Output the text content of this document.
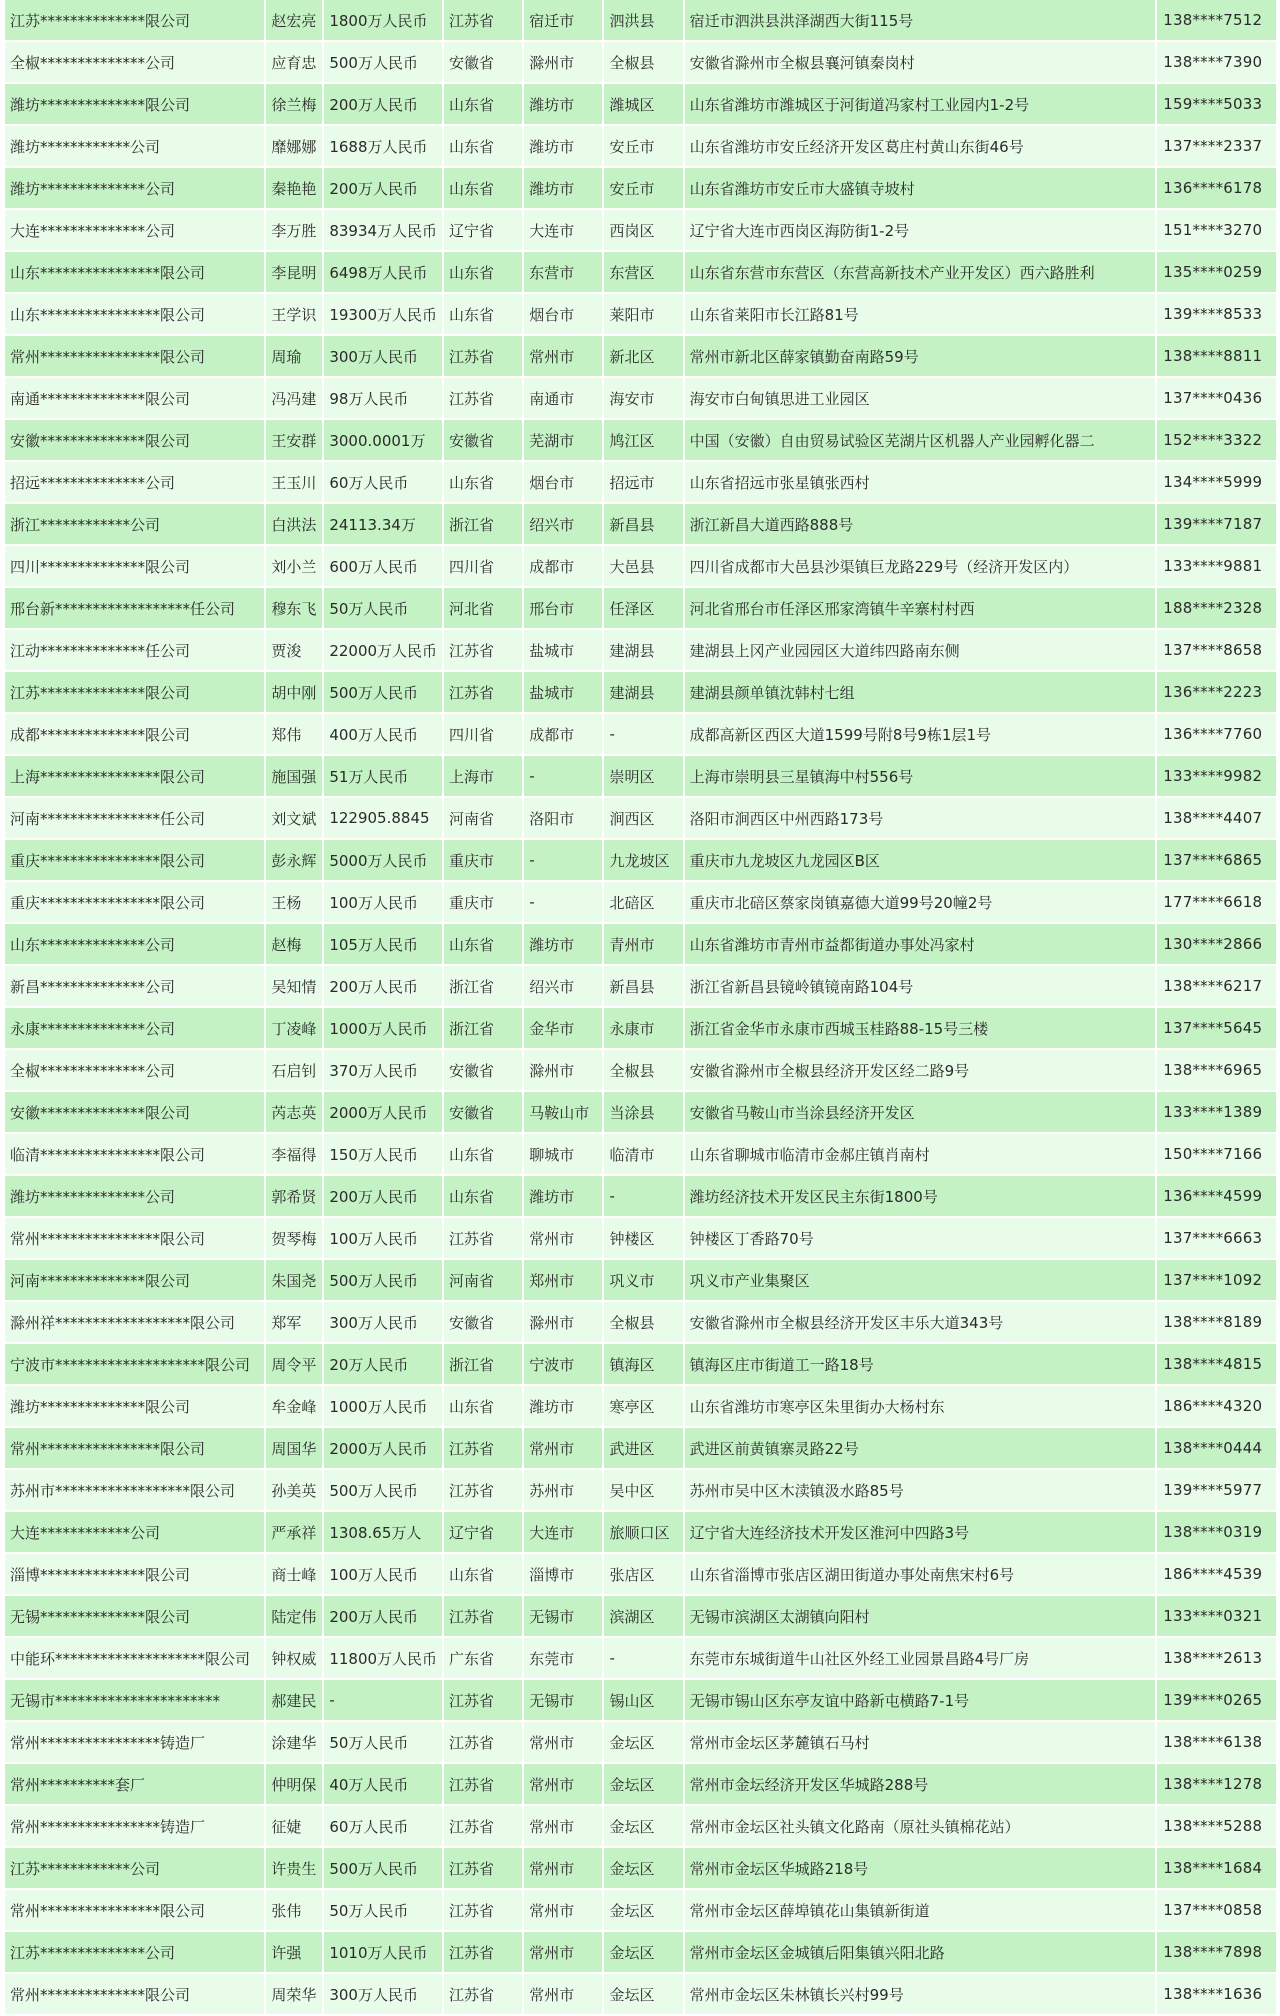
江苏**************限公司	赵宏亮	1800万人民币	江苏省	宿迁市	泗洪县	宿迁市泗洪县洪泽湖西大街115号	138****7512
全椒**************公司	应育忠	500万人民币	安徽省	滁州市	全椒县	安徽省滁州市全椒县襄河镇秦岗村	138****7390
潍坊**************限公司	徐兰梅	200万人民币	山东省	潍坊市	潍城区	山东省潍坊市潍城区于河街道冯家村工业园内1-2号	159****5033
潍坊************公司	靡娜娜	1688万人民币	山东省	潍坊市	安丘市	山东省潍坊市安丘经济开发区葛庄村黄山东街46号	137****2337
潍坊**************公司	秦艳艳	200万人民币	山东省	潍坊市	安丘市	山东省潍坊市安丘市大盛镇寺坡村	136****6178
大连**************公司	李万胜	83934万人民币	辽宁省	大连市	西岗区	辽宁省大连市西岗区海防街1-2号	151****3270
山东****************限公司	李昆明	6498万人民币	山东省	东营市	东营区	山东省东营市东营区（东营高新技术产业开发区）西六路胜利	135****0259
山东****************限公司	王学识	19300万人民币	山东省	烟台市	莱阳市	山东省莱阳市长江路81号	139****8533
常州****************限公司	周瑜	300万人民币	江苏省	常州市	新北区	常州市新北区薛家镇勤奋南路59号	138****8811
南通**************限公司	冯冯建	98万人民币	江苏省	南通市	海安市	海安市白甸镇思进工业园区	137****0436
安徽**************限公司	王安群	3000.0001万	安徽省	芜湖市	鸠江区	中国（安徽）自由贸易试验区芜湖片区机器人产业园孵化器二	152****3322
招远**************公司	王玉川	60万人民币	山东省	烟台市	招远市	山东省招远市张星镇张西村	134****5999
浙江************公司	白洪法	24113.34万	浙江省	绍兴市	新昌县	浙江新昌大道西路888号	139****7187
四川**************限公司	刘小兰	600万人民币	四川省	成都市	大邑县	四川省成都市大邑县沙渠镇巨龙路229号（经济开发区内）	133****9881
邢台新******************任公司	穆东飞	50万人民币	河北省	邢台市	任泽区	河北省邢台市任泽区邢家湾镇牛辛寨村村西	188****2328
江动**************任公司	贾浚	22000万人民币	江苏省	盐城市	建湖县	建湖县上冈产业园园区大道纬四路南东侧	137****8658
江苏**************限公司	胡中刚	500万人民币	江苏省	盐城市	建湖县	建湖县颜单镇沈韩村七组	136****2223
成都**************限公司	郑伟	400万人民币	四川省	成都市	-	成都高新区西区大道1599号附8号9栋1层1号	136****7760
上海****************限公司	施国强	51万人民币	上海市	-	崇明区	上海市崇明县三星镇海中村556号	133****9982
河南****************任公司	刘文斌	122905.8845	河南省	洛阳市	涧西区	洛阳市涧西区中州西路173号	138****4407
重庆****************限公司	彭永辉	5000万人民币	重庆市	-	九龙坡区	重庆市九龙坡区九龙园区B区	137****6865
重庆****************限公司	王杨	100万人民币	重庆市	-	北碚区	重庆市北碚区蔡家岗镇嘉德大道99号20幢2号	177****6618
山东**************公司	赵梅	105万人民币	山东省	潍坊市	青州市	山东省潍坊市青州市益都街道办事处冯家村	130****2866
新昌**************公司	吴知情	200万人民币	浙江省	绍兴市	新昌县	浙江省新昌县镜岭镇镜南路104号	138****6217
永康**************公司	丁凌峰	1000万人民币	浙江省	金华市	永康市	浙江省金华市永康市西城玉桂路88-15号三楼	137****5645
全椒**************公司	石启钊	370万人民币	安徽省	滁州市	全椒县	安徽省滁州市全椒县经济开发区经二路9号	138****6965
安徽**************限公司	芮志英	2000万人民币	安徽省	马鞍山市	当涂县	安徽省马鞍山市当涂县经济开发区	133****1389
临清****************限公司	李福得	150万人民币	山东省	聊城市	临清市	山东省聊城市临清市金郝庄镇肖南村	150****7166
潍坊**************公司	郭希贤	200万人民币	山东省	潍坊市	-	潍坊经济技术开发区民主东街1800号	136****4599
常州****************限公司	贺琴梅	100万人民币	江苏省	常州市	钟楼区	钟楼区丁香路70号	137****6663
河南**************限公司	朱国尧	500万人民币	河南省	郑州市	巩义市	巩义市产业集聚区	137****1092
滁州祥******************限公司	郑军	300万人民币	安徽省	滁州市	全椒县	安徽省滁州市全椒县经济开发区丰乐大道343号	138****8189
宁波市********************限公司	周令平	20万人民币	浙江省	宁波市	镇海区	镇海区庄市街道工一路18号	138****4815
潍坊**************限公司	牟金峰	1000万人民币	山东省	潍坊市	寒亭区	山东省潍坊市寒亭区朱里街办大杨村东	186****4320
常州****************限公司	周国华	2000万人民币	江苏省	常州市	武进区	武进区前黄镇寨灵路22号	138****0444
苏州市******************限公司	孙美英	500万人民币	江苏省	苏州市	吴中区	苏州市吴中区木渎镇汲水路85号	139****5977
大连************公司	严承祥	1308.65万人	辽宁省	大连市	旅顺口区	辽宁省大连经济技术开发区淮河中四路3号	138****0319
淄博**************限公司	商士峰	100万人民币	山东省	淄博市	张店区	山东省淄博市张店区湖田街道办事处南焦宋村6号	186****4539
无锡**************限公司	陆定伟	200万人民币	江苏省	无锡市	滨湖区	无锡市滨湖区太湖镇向阳村	133****0321
中能环********************限公司	钟权威	11800万人民币	广东省	东莞市	-	东莞市东城街道牛山社区外经工业园景昌路4号厂房	138****2613
无锡市**********************	郝建民	-	江苏省	无锡市	锡山区	无锡市锡山区东亭友谊中路新屯横路7-1号	139****0265
常州****************铸造厂	涂建华	50万人民币	江苏省	常州市	金坛区	常州市金坛区茅麓镇石马村	138****6138
常州**********套厂	仲明保	40万人民币	江苏省	常州市	金坛区	常州市金坛经济开发区华城路288号	138****1278
常州****************铸造厂	征婕	60万人民币	江苏省	常州市	金坛区	常州市金坛区社头镇文化路南（原社头镇棉花站）	138****5288
江苏************公司	许贵生	500万人民币	江苏省	常州市	金坛区	常州市金坛区华城路218号	138****1684
常州****************限公司	张伟	50万人民币	江苏省	常州市	金坛区	常州市金坛区薛埠镇花山集镇新街道	137****0858
江苏**************公司	许强	1010万人民币	江苏省	常州市	金坛区	常州市金坛区金城镇后阳集镇兴阳北路	138****7898
常州**************限公司	周荣华	300万人民币	江苏省	常州市	金坛区	常州市金坛区朱林镇长兴村99号	138****1636
